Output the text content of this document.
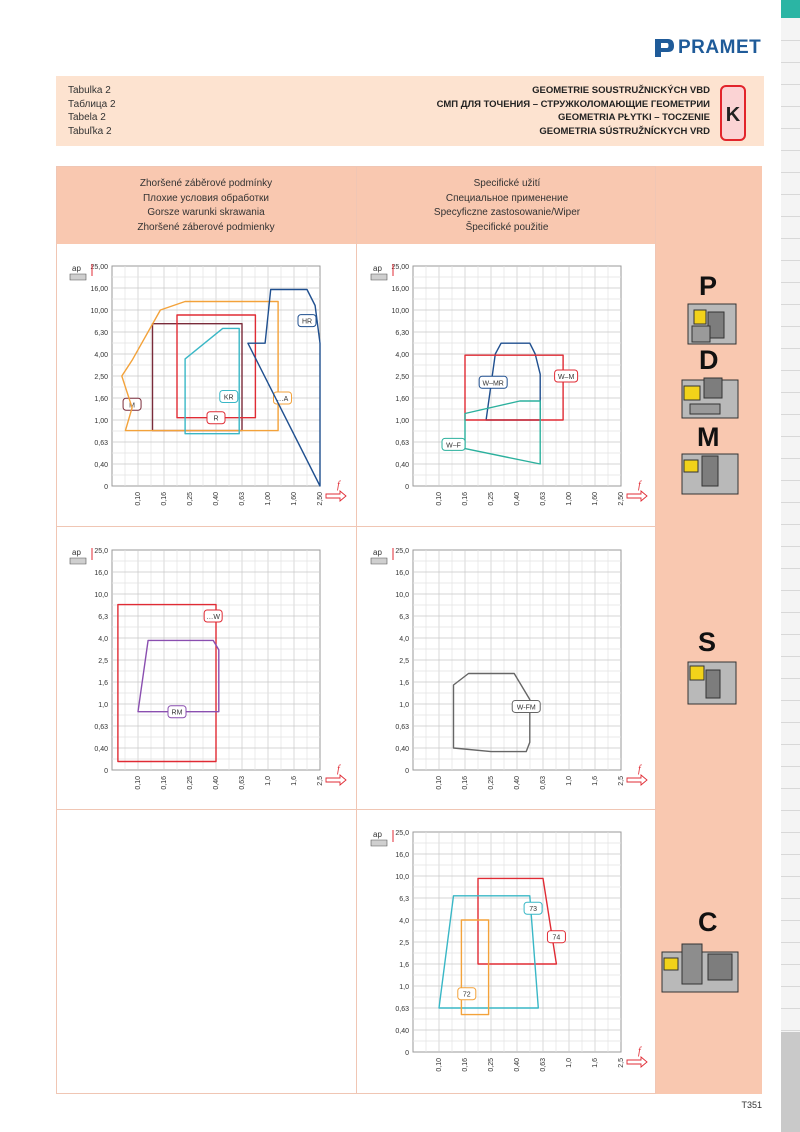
PRAMET
Tabulka 2
Таблица 2
Tabela 2
Tabuľka 2
GEOMETRIE SOUSTRUŽNICKÝCH VBD
СМП ДЛЯ ТОЧЕНИЯ – СТРУЖКОЛОМАЮЩИЕ ГЕОМЕТРИИ
GEOMETRIA PŁYTKI – TOCZENIE
GEOMETRIA SÚSTRUŽNÍCKYCH VRD
K
Zhoršené záběrové podmínky
Плохие условия обработки
Gorsze warunki skrawania
Zhoršené záberové podmienky
Specifické užití
Специальное применение
Specyficzne zastosowanie/Wiper
Špecifické použitie
0
0,40
0,63
1,00
1,60
2,50
4,00
6,30
10,00
16,00
25,00
0,10	0,16	0,25	0,40	0,63	1,00	1,60	2,50
ap
f
M
R
…A
KR
HR
0
0,40
0,63
1,00
1,60
2,50
4,00
6,30
10,00
16,00
25,00
0,10	0,16	0,25	0,40	0,63	1,00	1,60	2,50
ap
f
W–MR
W–M
W–F
0
0,40
0,63
1,0
1,6
2,5
4,0
6,3
10,0
16,0
25,0
0,10	0,16	0,25	0,40	0,63	1,0	1,6	2,5
ap
f
…W
RM
0
0,40
0,63
1,0
1,6
2,5
4,0
6,3
10,0
16,0
25,0
0,10	0,16	0,25	0,40	0,63	1,0	1,6	2,5
ap
f
W-FM
0
0,40
0,63
1,0
1,6
2,5
4,0
6,3
10,0
16,0
25,0
0,10	0,16	0,25	0,40	0,63	1,0	1,6	2,5
ap
f
74
73
72
P
D
M
S
C
T351
